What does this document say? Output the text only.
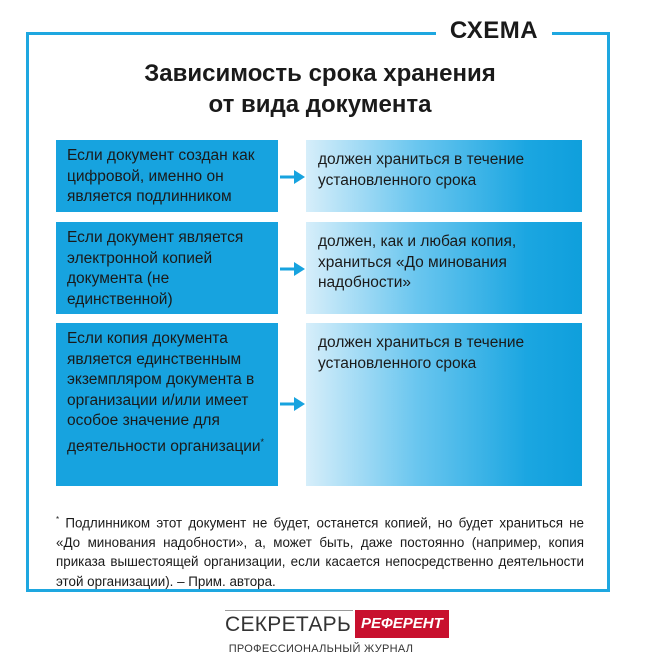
СХЕМА
Зависимость срока хранения
от вида документа
Если документ создан как цифровой, именно он является подлинником
должен храниться в течение установленного срока
Если документ является электронной копией документа (не единственной)
должен, как и любая копия, храниться «До минования надобности»
Если копия документа является единственным экземпляром документа в организации и/или имеет особое значение для деятельности организации*
должен храниться в течение установленного срока
* Подлинником этот документ не будет, останется копией, но будет храниться не «До минования надобности», а, может быть, даже постоянно (например, копия приказа вышестоящей организации, если касается непосредственно деятельности этой организации). – Прим. автора.
СЕКРЕТАРЬ РЕФЕРЕНТ
ПРОФЕССИОНАЛЬНЫЙ ЖУРНАЛ
